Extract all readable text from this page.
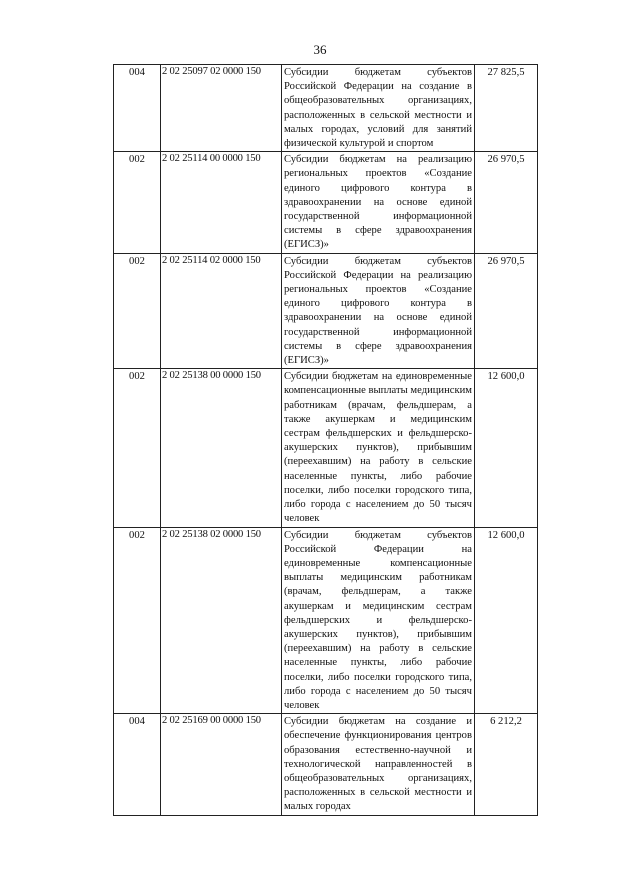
36
004	2 02 25097 02 0000 150	Субсидии бюджетам субъектов Российской Федерации на создание в общеобразовательных организациях, расположенных в сельской местности и малых городах, условий для занятий физической культурой и спортом	27 825,5

002	2 02 25114 00 0000 150	Субсидии бюджетам на реализацию региональных проектов «Создание единого цифрового контура в здравоохранении на основе единой государственной информационной системы в сфере здравоохранения (ЕГИСЗ)»	26 970,5

002	2 02 25114 02 0000 150	Субсидии бюджетам субъектов Российской Федерации на реализацию региональных проектов «Создание единого цифрового контура в здравоохранении на основе единой государственной информационной системы в сфере здравоохранения (ЕГИСЗ)»	26 970,5

002	2 02 25138 00 0000 150	Субсидии бюджетам на единовременные компенсационные выплаты медицинским работникам (врачам, фельдшерам, а также акушеркам и медицинским сестрам фельдшерских и фельдшерско-акушерских пунктов), прибывшим (переехавшим) на работу в сельские населенные пункты, либо рабочие поселки, либо поселки городского типа, либо города с населением до 50 тысяч человек	12 600,0

002	2 02 25138 02 0000 150	Субсидии бюджетам субъектов Российской Федерации на единовременные компенсационные выплаты медицинским работникам (врачам, фельдшерам, а также акушеркам и медицинским сестрам фельдшерских и фельдшерско-акушерских пунктов), прибывшим (переехавшим) на работу в сельские населенные пункты, либо рабочие поселки, либо поселки городского типа, либо города с населением до 50 тысяч человек	12 600,0

004	2 02 25169 00 0000 150	Субсидии бюджетам на создание и обеспечение функционирования центров образования естественно-научной и технологической направленностей в общеобразовательных организациях, расположенных в сельской местности и малых городах	6 212,2
